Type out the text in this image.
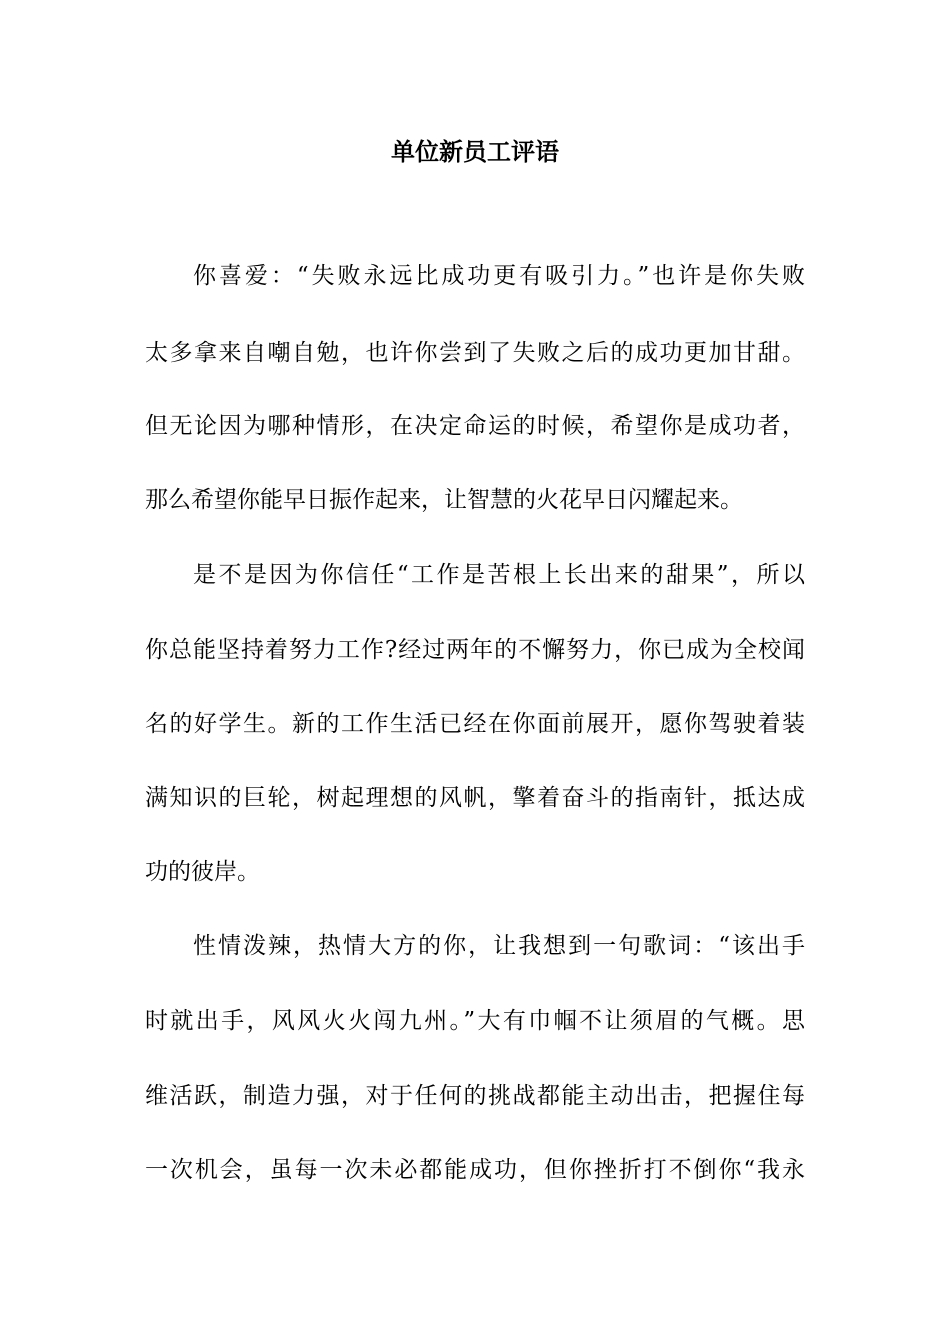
单位新员工评语
你喜爱：“失败永远比成功更有吸引力。”也许是你失败
太多拿来自嘲自勉，也许你尝到了失败之后的成功更加甘甜。
但无论因为哪种情形，在决定命运的时候，希望你是成功者，
那么希望你能早日振作起来，让智慧的火花早日闪耀起来。
是不是因为你信任“工作是苦根上长出来的甜果”，所以
你总能坚持着努力工作?经过两年的不懈努力，你已成为全校闻
名的好学生。新的工作生活已经在你面前展开，愿你驾驶着装
满知识的巨轮，树起理想的风帆，擎着奋斗的指南针，抵达成
功的彼岸。
性情泼辣，热情大方的你，让我想到一句歌词：“该出手
时就出手，风风火火闯九州。”大有巾帼不让须眉的气概。思
维活跃，制造力强，对于任何的挑战都能主动出击，把握住每
一次机会，虽每一次未必都能成功，但你挫折打不倒你“我永
